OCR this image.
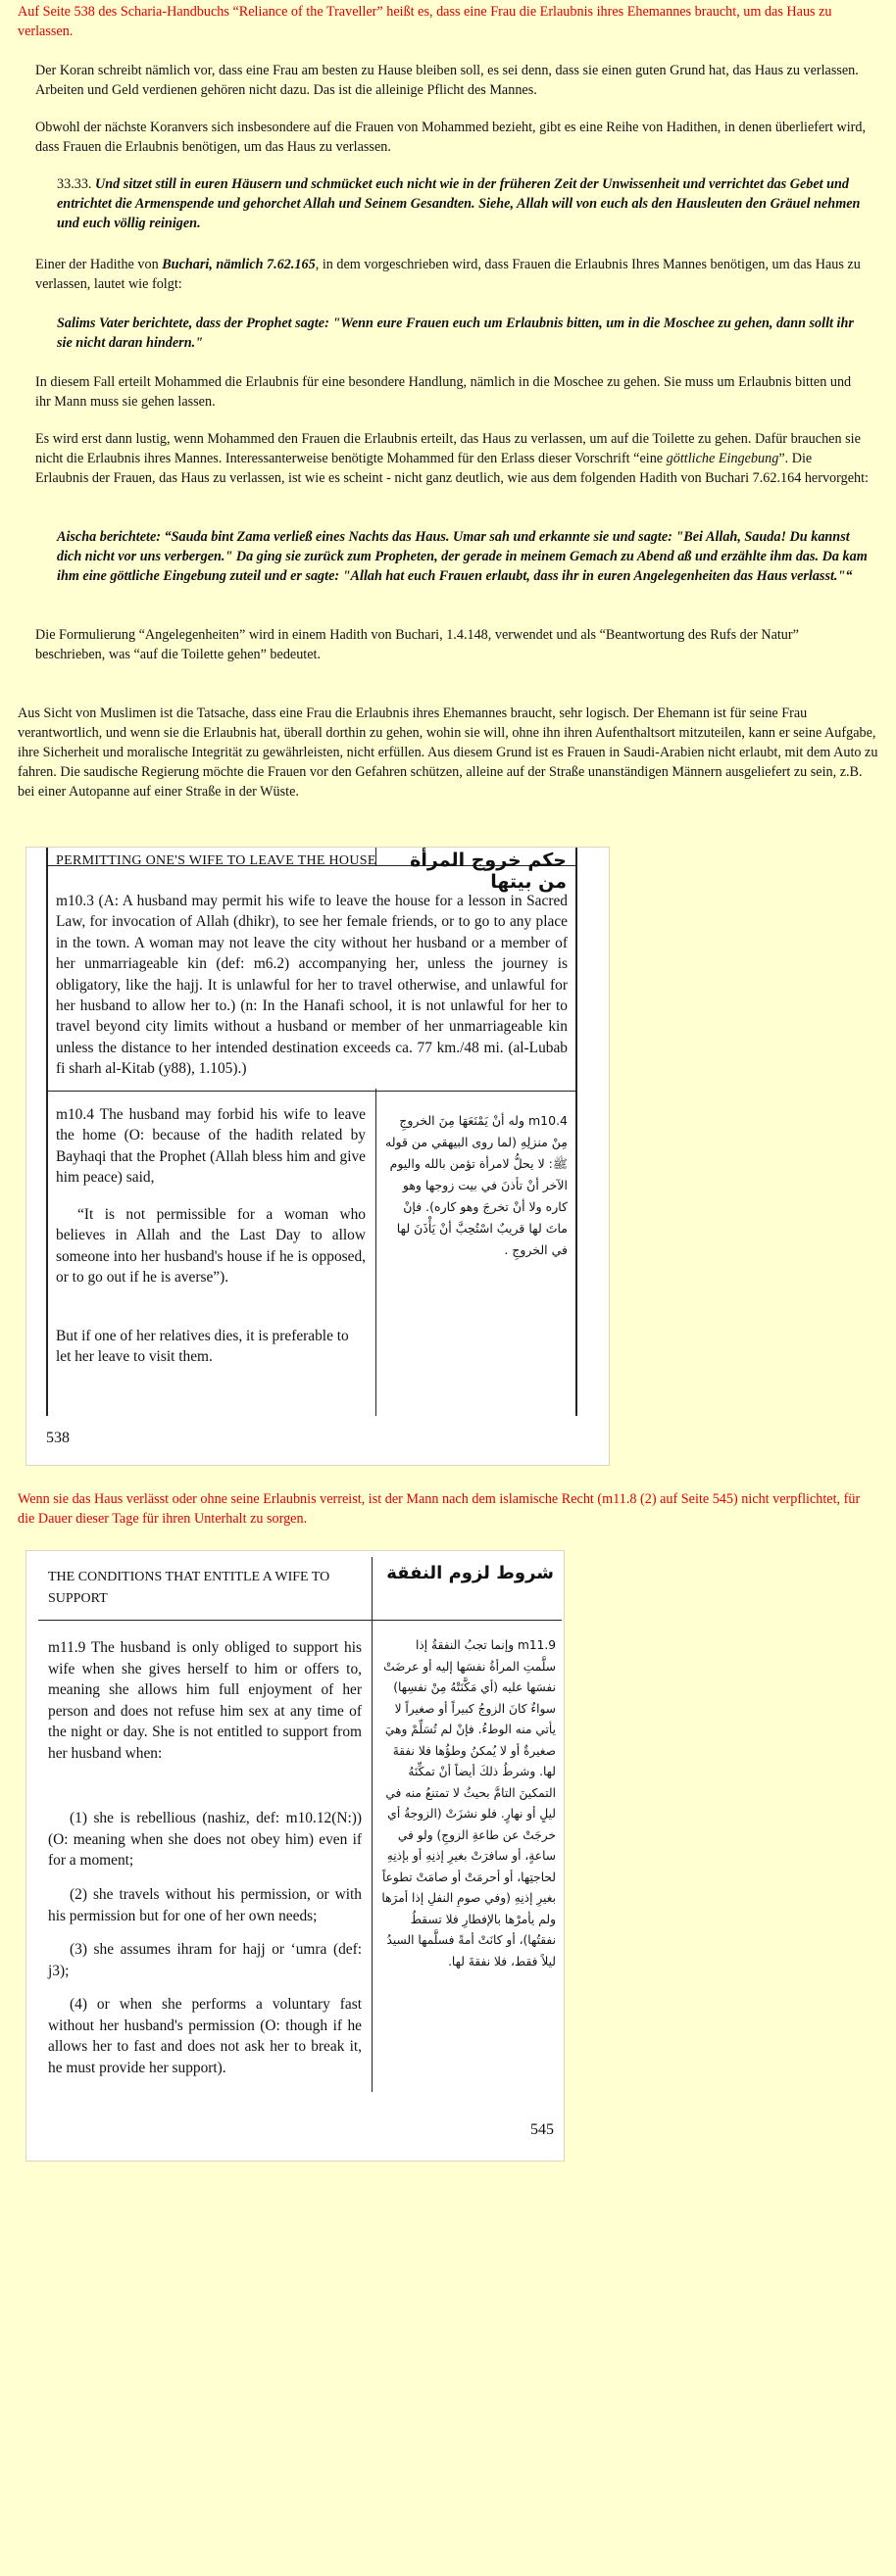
Auf Seite 538 des Scharia-Handbuchs “Reliance of the Traveller” heißt es, dass eine Frau die Erlaubnis ihres Ehemannes braucht, um das Haus zu verlassen.

Der Koran schreibt nämlich vor, dass eine Frau am besten zu Hause bleiben soll, es sei denn, dass sie einen guten Grund hat, das Haus zu verlassen. Arbeiten und Geld verdienen gehören nicht dazu. Das ist die alleinige Pflicht des Mannes.

Obwohl der nächste Koranvers sich insbesondere auf die Frauen von Mohammed bezieht, gibt es eine Reihe von Hadithen, in denen überliefert wird, dass Frauen die Erlaubnis benötigen, um das Haus zu verlassen.

33.33. Und sitzet still in euren Häusern und schmücket euch nicht wie in der früheren Zeit der Unwissenheit und verrichtet das Gebet und entrichtet die Armenspende und gehorchet Allah und Seinem Gesandten. Siehe, Allah will von euch als den Hausleuten den Gräuel nehmen und euch völlig reinigen.

Einer der Hadithe von Buchari, nämlich 7.62.165, in dem vorgeschrieben wird, dass Frauen die Erlaubnis Ihres Mannes benötigen, um das Haus zu verlassen, lautet wie folgt:

Salims Vater berichtete, dass der Prophet sagte: "Wenn eure Frauen euch um Erlaubnis bitten, um in die Moschee zu gehen, dann sollt ihr sie nicht daran hindern."

In diesem Fall erteilt Mohammed die Erlaubnis für eine besondere Handlung, nämlich in die Moschee zu gehen. Sie muss um Erlaubnis bitten und ihr Mann muss sie gehen lassen.

Es wird erst dann lustig, wenn Mohammed den Frauen die Erlaubnis erteilt, das Haus zu verlassen, um auf die Toilette zu gehen. Dafür brauchen sie nicht die Erlaubnis ihres Mannes. Interessanterweise benötigte Mohammed für den Erlass dieser Vorschrift “eine göttliche Eingebung”. Die Erlaubnis der Frauen, das Haus zu verlassen, ist wie es scheint - nicht ganz deutlich, wie aus dem folgenden Hadith von Buchari 7.62.164 hervorgeht:

Aischa berichtete: “Sauda bint Zama verließ eines Nachts das Haus. Umar sah und erkannte sie und sagte: "Bei Allah, Sauda! Du kannst dich nicht vor uns verbergen." Da ging sie zurück zum Propheten, der gerade in meinem Gemach zu Abend aß und erzählte ihm das. Da kam ihm eine göttliche Eingebung zuteil und er sagte: "Allah hat euch Frauen erlaubt, dass ihr in euren Angelegenheiten das Haus verlasst."“

Die Formulierung “Angelegenheiten” wird in einem Hadith von Buchari, 1.4.148, verwendet und als “Beantwortung des Rufs der Natur” beschrieben, was “auf die Toilette gehen” bedeutet.

Aus Sicht von Muslimen ist die Tatsache, dass eine Frau die Erlaubnis ihres Ehemannes braucht, sehr logisch. Der Ehemann ist für seine Frau verantwortlich, und wenn sie die Erlaubnis hat, überall dorthin zu gehen, wohin sie will, ohne ihn ihren Aufenthaltsort mitzuteilen, kann er seine Aufgabe, ihre Sicherheit und moralische Integrität zu gewährleisten, nicht erfüllen. Aus diesem Grund ist es Frauen in Saudi-Arabien nicht erlaubt, mit dem Auto zu fahren. Die saudische Regierung möchte die Frauen vor den Gefahren schützen, alleine auf der Straße unanständigen Männern ausgeliefert zu sein, z.B. bei einer Autopanne auf einer Straße in der Wüste.

PERMITTING ONE'S WIFE TO LEAVE THE HOUSE	حكم خروج المرأة من بيتها
m10.3 (A: A husband may permit his wife to leave the house for a lesson in Sacred Law, for invocation of Allah (dhikr), to see her female friends, or to go to any place in the town. A woman may not leave the city without her husband or a member of her unmarriageable kin (def: m6.2) accompanying her, unless the journey is obligatory, like the hajj. It is unlawful for her to travel otherwise, and unlawful for her husband to allow her to.) (n: In the Hanafi school, it is not unlawful for her to travel beyond city limits without a husband or member of her unmarriageable kin unless the distance to her intended destination exceeds ca. 77 km./48 mi. (al-Lubab fi sharh al-Kitab (y88), 1.105).)
m10.4 The husband may forbid his wife to leave the home (O: because of the hadith related by Bayhaqi that the Prophet (Allah bless him and give him peace) said,
“It is not permissible for a woman who believes in Allah and the Last Day to allow someone into her husband's house if he is opposed, or to go out if he is averse”).
But if one of her relatives dies, it is preferable to let her leave to visit them.
m10.4 وله أنْ يَمْنَعَهَا مِنَ الخروجِ مِنْ منزلِهِ (لما روى البيهقي من قوله ﷺ: لا يحلُّ لامرأة تؤمن بالله واليوم الآخر أنْ تأذنَ في بيت زوجها وهو كاره ولا أنْ تخرجَ وهو كاره). فإنْ ماتَ لها قريبٌ اسْتُحِبَّ أنْ يَأْذَنَ لها في الخروجِ .
538

Wenn sie das Haus verlässt oder ohne seine Erlaubnis verreist, ist der Mann nach dem islamische Recht (m11.8 (2) auf Seite 545) nicht verpflichtet, für die Dauer dieser Tage für ihren Unterhalt zu sorgen.

THE CONDITIONS THAT ENTITLE A WIFE TO SUPPORT
شروط لزوم النفقة
m11.9 The husband is only obliged to support his wife when she gives herself to him or offers to, meaning she allows him full enjoyment of her person and does not refuse him sex at any time of the night or day. She is not entitled to support from her husband when:
(1) she is rebellious (nashiz, def: m10.12(N:)) (O: meaning when she does not obey him) even if for a moment;
(2) she travels without his permission, or with his permission but for one of her own needs;
(3) she assumes ihram for hajj or ‘umra (def: j3);
(4) or when she performs a voluntary fast without her husband's permission (O: though if he allows her to fast and does not ask her to break it, he must provide her support).
m11.9 وإنما تجبُ النفقةُ إذا سلَّمتِ المرأةُ نفسَها إليه أو عرضَتْ نفسَها عليه (أي مَكَّنَتْهُ مِنْ نفسِها) سواءٌ كانَ الزوجُ كبيراً أو صغيراً لا يأتي منه الوطءُ. فإنْ لم تُسَلِّمْ وهيَ صغيرةٌ أو لا يُمكنُ وطؤُها فلا نفقةَ لها. وشرطُ ذلكَ أيضاً أنْ تمكِّنَهُ التمكينَ التامَّ بحيثُ لا تمتنعُ منه في ليلٍ أو نهارٍ. فلو نشزَتْ (الزوجةُ أي خرجَتْ عن طاعةِ الزوجِ) ولو في ساعةٍ، أو سافرَتْ بغيرِ إذنِهِ أو بإذنِهِ لحاجتِها، أو أحرمَتْ أو صامَتْ تطوعاً بغيرِ إذنِهِ (وفي صومِ النفلِ إذا أمرَها ولم يأمرْها بالإفطارِ فلا تسقطُ نفقتُها)، أو كانَتْ أمةً فسلَّمها السيدُ ليلاً فقط، فلا نفقةَ لها.
545
